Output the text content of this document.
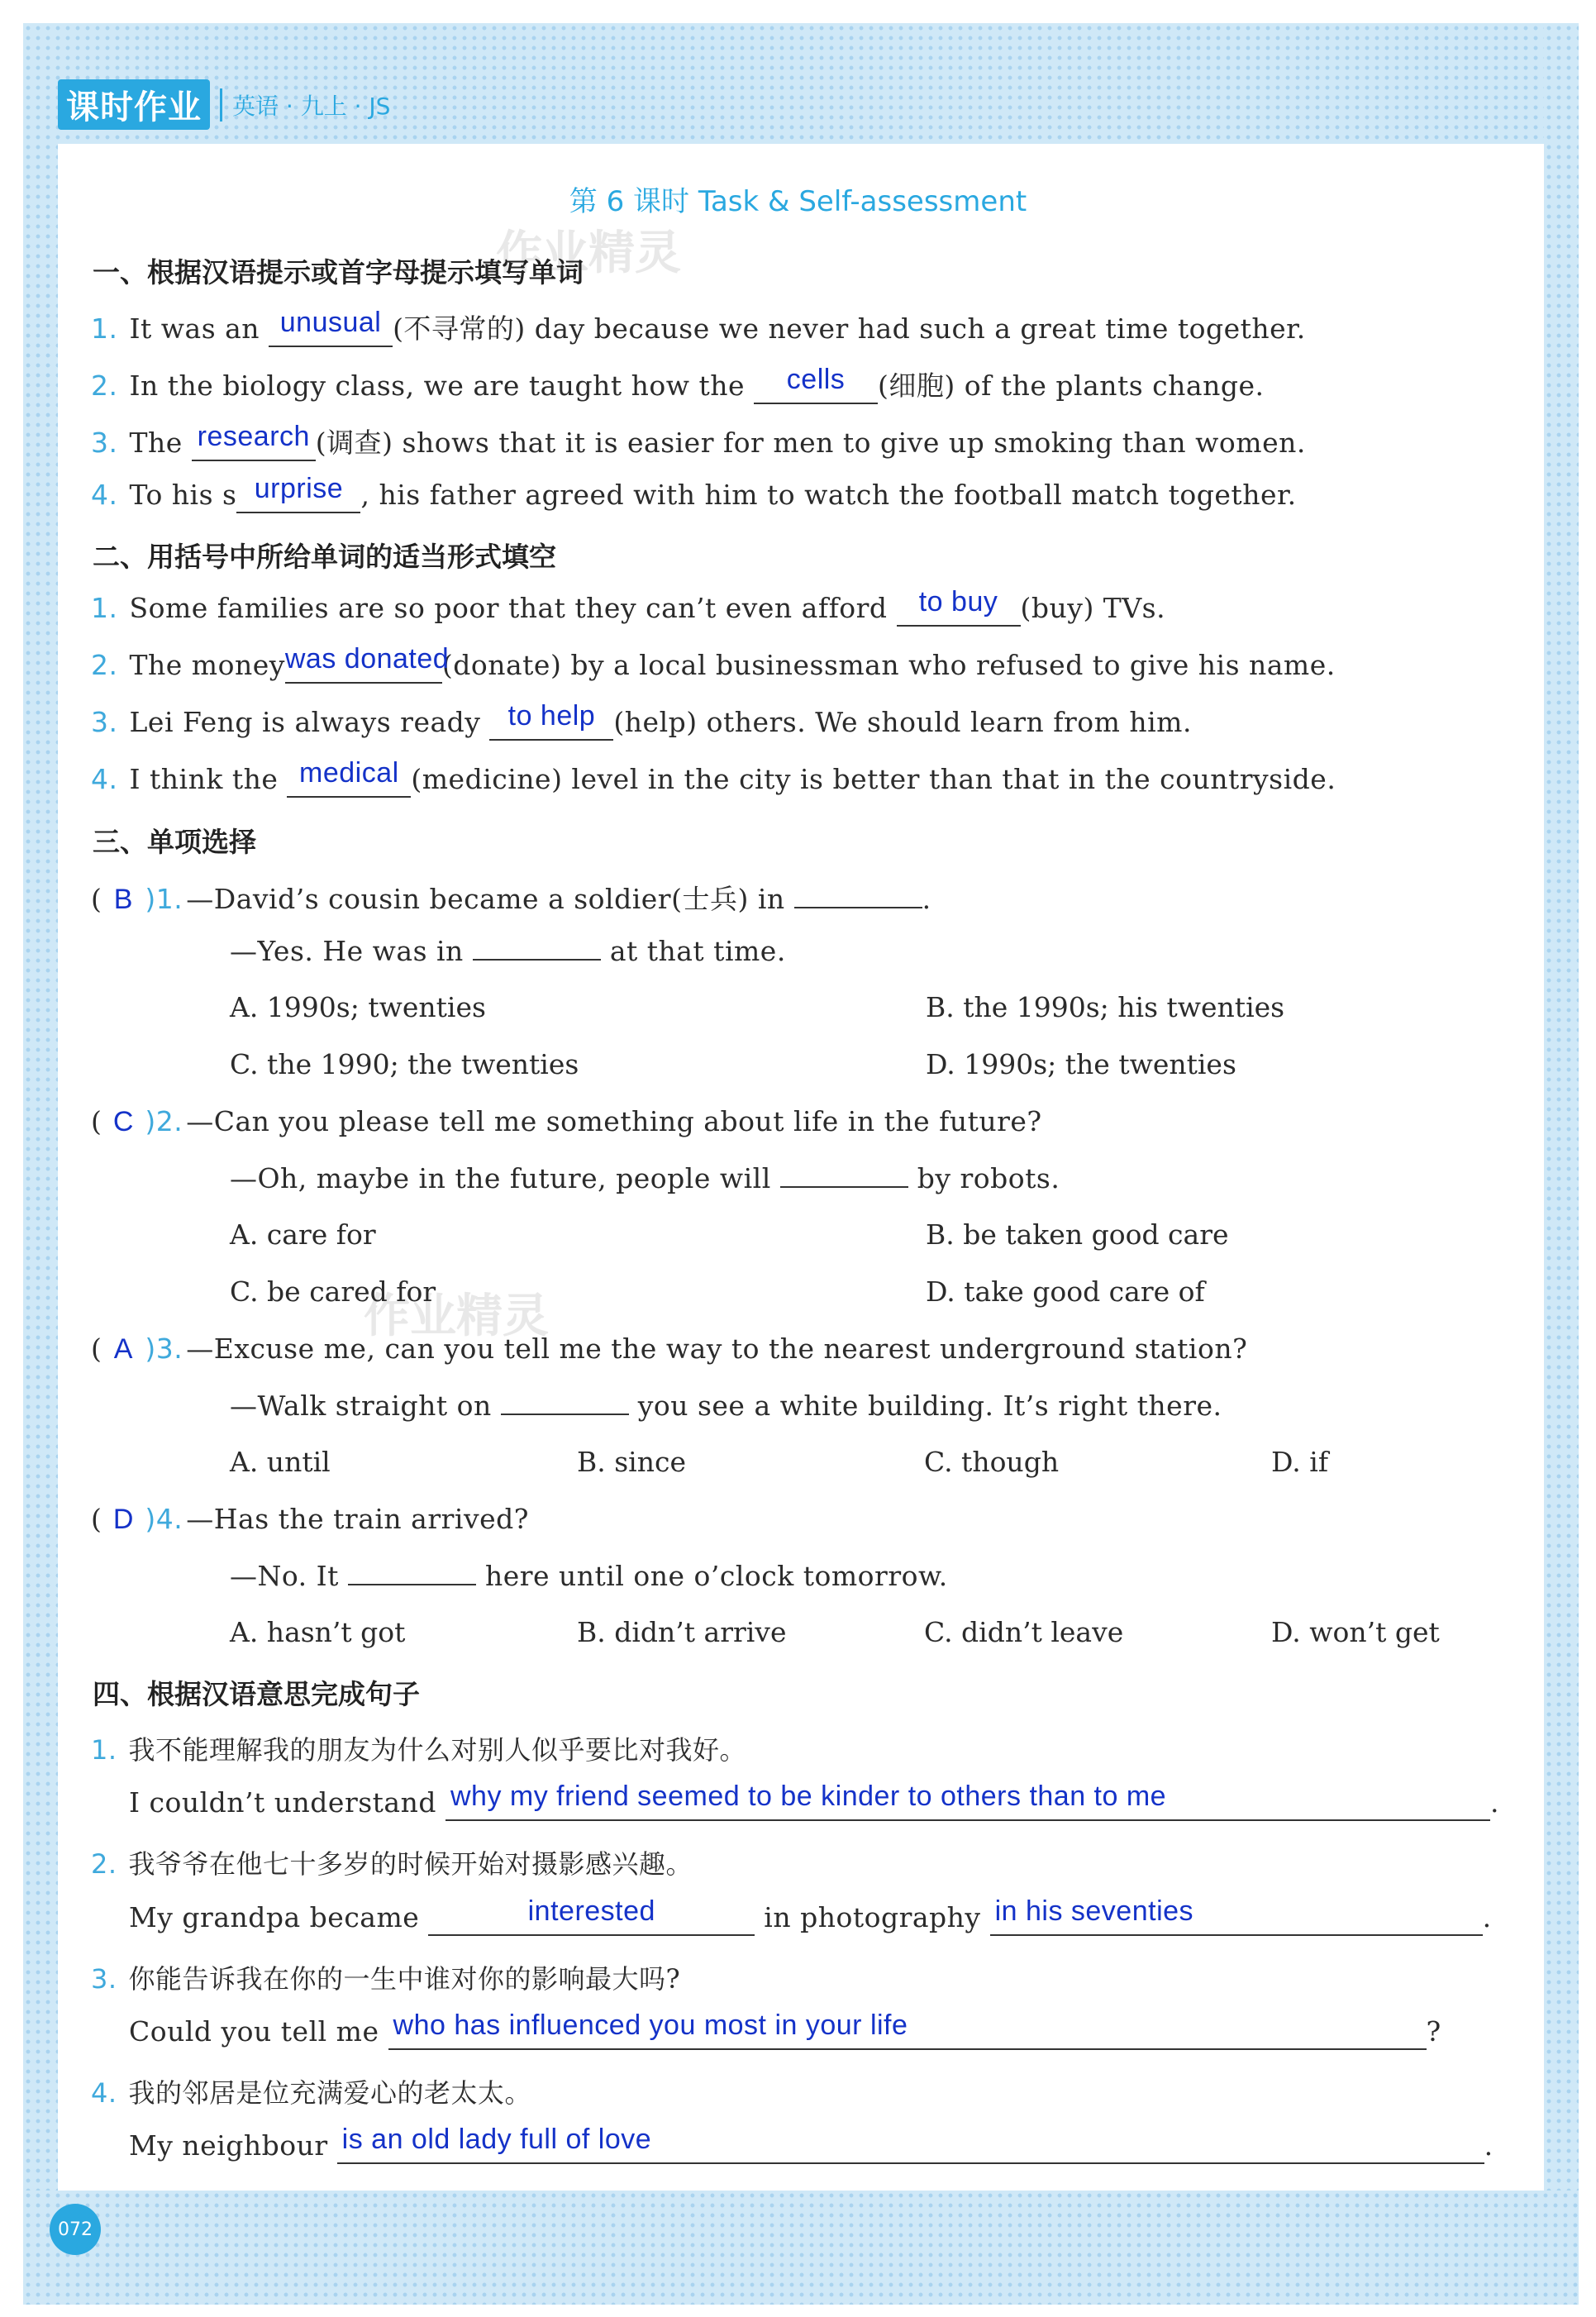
课时作业	英语 · 九上 · JS
第 6 课时 Task & Self-assessment
作业精灵
作业精灵
一、根据汉语提示或首字母提示填写单词
1. It was an unusual (不寻常的) day because we never had such a great time together.
2. In the biology class, we are taught how the cells (细胞) of the plants change.
3. The research (调查) shows that it is easier for men to give up smoking than women.
4. To his s urprise , his father agreed with him to watch the football match together.
二、用括号中所给单词的适当形式填空
1. Some families are so poor that they can’t even afford to buy (buy) TVs.
2. The moneywas donated(donate) by a local businessman who refused to give his name.
3. Lei Feng is always ready to help (help) others. We should learn from him.
4. I think the medical (medicine) level in the city is better than that in the countryside.
三、单项选择
( B )1. —David’s cousin became a soldier(士兵) in	.
—Yes. He was in	at that time.
A. 1990s; twenties	B. the 1990s; his twenties
C. the 1990; the twenties	D. 1990s; the twenties
( C )2. —Can you please tell me something about life in the future?
—Oh, maybe in the future, people will	by robots.
A. care for	B. be taken good care
C. be cared for	D. take good care of
( A )3. —Excuse me, can you tell me the way to the nearest underground station?
—Walk straight on	you see a white building. It’s right there.
A. until	B. since	C. though	D. if
( D )4. —Has the train arrived?
—No. It	here until one o’clock tomorrow.
A. hasn’t got	B. didn’t arrive	C. didn’t leave	D. won’t get
四、根据汉语意思完成句子
1. 我不能理解我的朋友为什么对别人似乎要比对我好。
I couldn’t understand why my friend seemed to be kinder to others than to me	.
2. 我爷爷在他七十多岁的时候开始对摄影感兴趣。
My grandpa became	interested	in photography in his seventies	.
3. 你能告诉我在你的一生中谁对你的影响最大吗?
Could you tell me who has influenced you most in your life	?
4. 我的邻居是位充满爱心的老太太。
My neighbour is an old lady full of love	.
072
